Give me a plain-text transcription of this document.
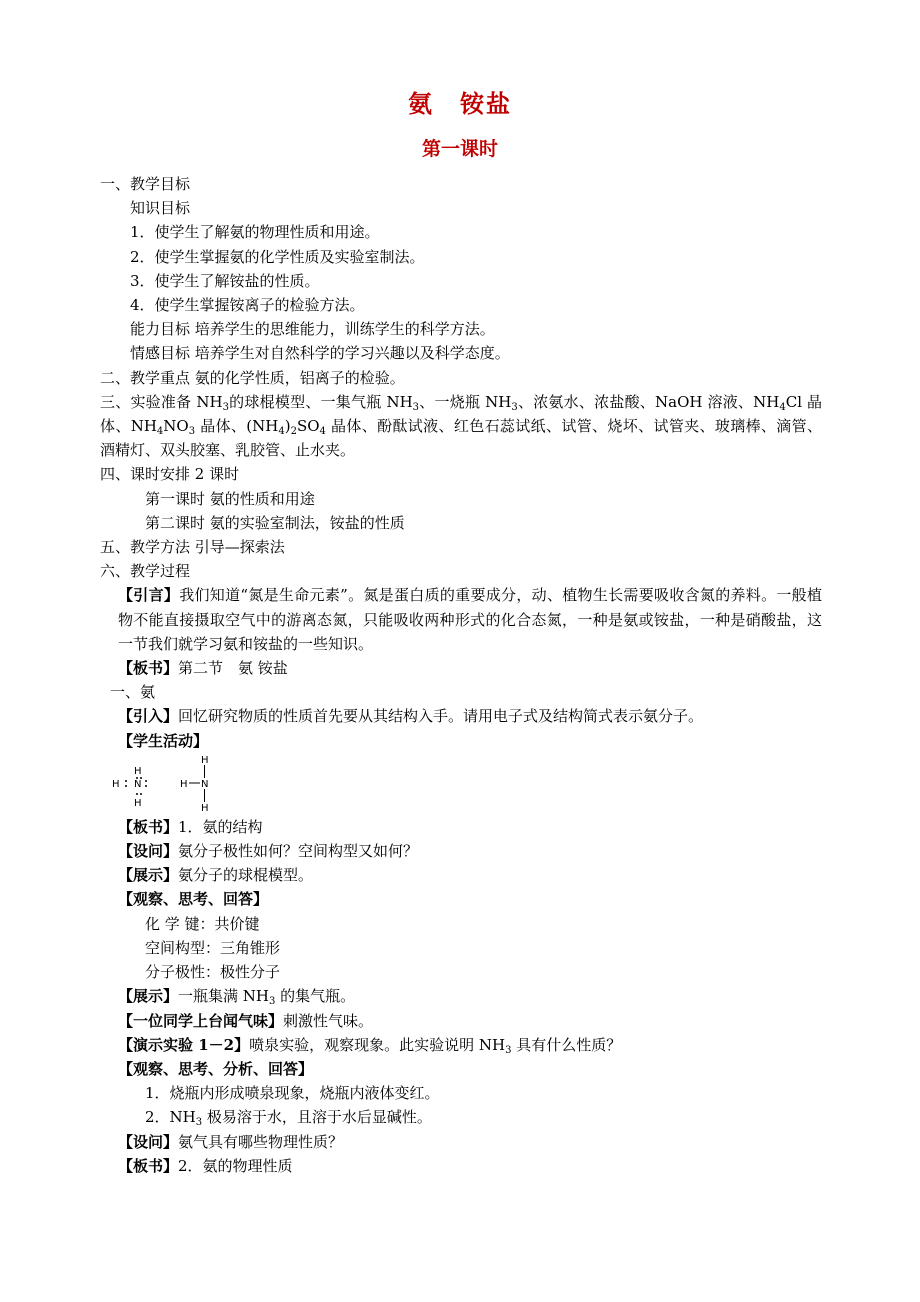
氨　铵盐
第一课时
一、教学目标
知识目标
1．使学生了解氨的物理性质和用途。
2．使学生掌握氨的化学性质及实验室制法。
3．使学生了解铵盐的性质。
4．使学生掌握铵离子的检验方法。
能力目标 培养学生的思维能力，训练学生的科学方法。
情感目标 培养学生对自然科学的学习兴趣以及科学态度。
二、教学重点 氨的化学性质，铝离子的检验。
三、实验准备 $NH_3$的球棍模型、一集气瓶 $NH_3$、一烧瓶 $NH_3$、浓氨水、浓盐酸、NaOH 溶液、$NH_4Cl$ 晶体、$NH_4NO_3$ 晶体、$(NH_4)_2SO_4$ 晶体、酚酞试液、红色石蕊试纸、试管、烧坏、试管夹、玻璃棒、滴管、酒精灯、双头胶塞、乳胶管、止水夹。
四、课时安排 2 课时
第一课时 氨的性质和用途
第二课时 氨的实验室制法，铵盐的性质
五、教学方法 引导—探索法
六、教学过程
【引言】我们知道“氮是生命元素”。氮是蛋白质的重要成分，动、植物生长需要吸收含氮的养料。一般植物不能直接摄取空气中的游离态氮，只能吸收两种形式的化合态氮，一种是氨或铵盐，一种是硝酸盐，这一节我们就学习氨和铵盐的一些知识。
【板书】第二节　氨 铵盐
一、氨
【引入】回忆研究物质的性质首先要从其结构入手。请用电子式及结构简式表示氨分子。
【学生活动】
H
H
N
H
H
H N
H
【板书】1．氨的结构
【设问】氨分子极性如何？空间构型又如何？
【展示】氨分子的球棍模型。
【观察、思考、回答】
化 学 键：共价键
空间构型：三角锥形
分子极性：极性分子
【展示】一瓶集满 $NH_3$ 的集气瓶。
【一位同学上台闻气味】刺激性气味。
【演示实验 1－2】喷泉实验，观察现象。此实验说明 $NH_3$ 具有什么性质？
【观察、思考、分析、回答】
1．烧瓶内形成喷泉现象，烧瓶内液体变红。
2．$NH_3$ 极易溶于水，且溶于水后显碱性。
【设问】氨气具有哪些物理性质？
【板书】2．氨的物理性质
